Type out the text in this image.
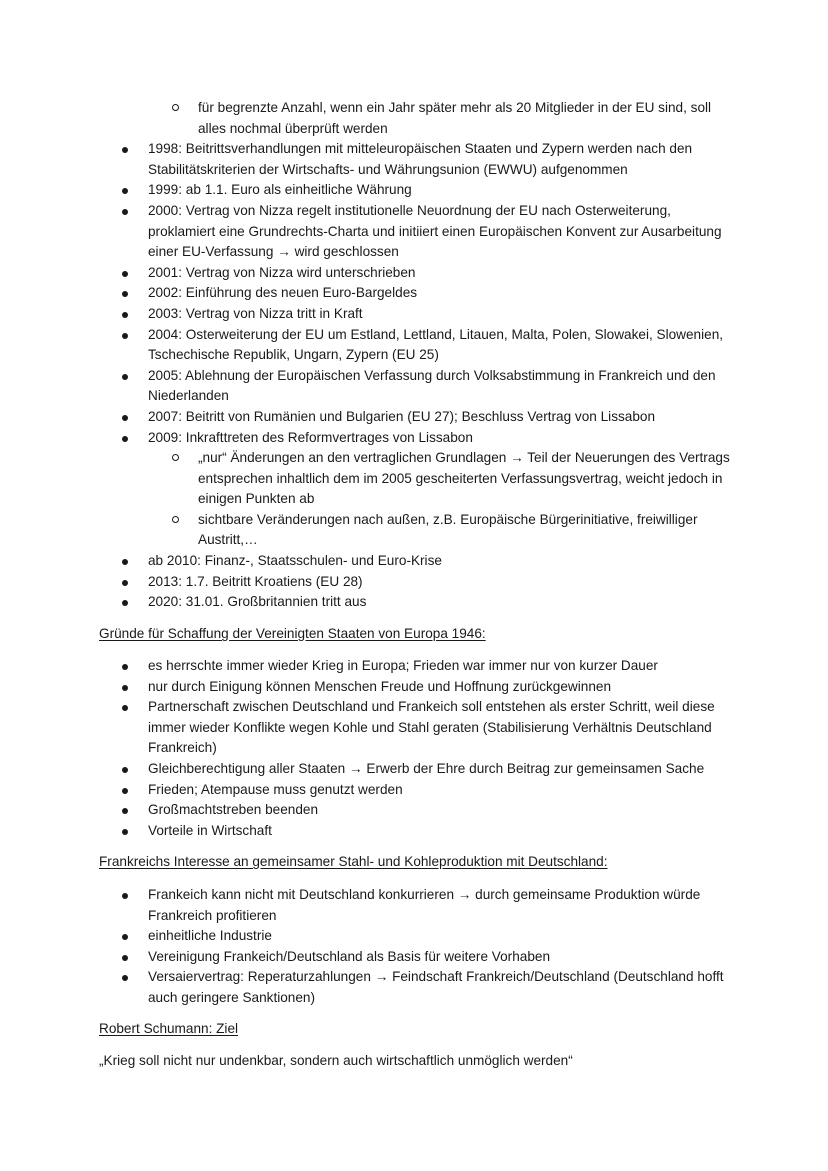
für begrenzte Anzahl, wenn ein Jahr später mehr als 20 Mitglieder in der EU sind, soll alles nochmal überprüft werden
1998: Beitrittsverhandlungen mit mitteleuropäischen Staaten und Zypern werden nach den Stabilitätskriterien der Wirtschafts- und Währungsunion (EWWU) aufgenommen
1999: ab 1.1. Euro als einheitliche Währung
2000: Vertrag von Nizza regelt institutionelle Neuordnung der EU nach Osterweiterung, proklamiert eine Grundrechts-Charta und initiiert einen Europäischen Konvent zur Ausarbeitung einer EU-Verfassung → wird geschlossen
2001: Vertrag von Nizza wird unterschrieben
2002: Einführung des neuen Euro-Bargeldes
2003: Vertrag von Nizza tritt in Kraft
2004: Osterweiterung der EU um Estland, Lettland, Litauen, Malta, Polen, Slowakei, Slowenien, Tschechische Republik, Ungarn, Zypern (EU 25)
2005: Ablehnung der Europäischen Verfassung durch Volksabstimmung in Frankreich und den Niederlanden
2007: Beitritt von Rumänien und Bulgarien (EU 27); Beschluss Vertrag von Lissabon
2009: Inkrafttreten des Reformvertrages von Lissabon
„nur“ Änderungen an den vertraglichen Grundlagen → Teil der Neuerungen des Vertrags entsprechen inhaltlich dem im 2005 gescheiterten Verfassungsvertrag, weicht jedoch in einigen Punkten ab
sichtbare Veränderungen nach außen, z.B. Europäische Bürgerinitiative, freiwilliger Austritt,…
ab 2010: Finanz-, Staatsschulen- und Euro-Krise
2013: 1.7. Beitritt Kroatiens (EU 28)
2020: 31.01. Großbritannien tritt aus
Gründe für Schaffung der Vereinigten Staaten von Europa 1946:
es herrschte immer wieder Krieg in Europa; Frieden war immer nur von kurzer Dauer
nur durch Einigung können Menschen Freude und Hoffnung zurückgewinnen
Partnerschaft zwischen Deutschland und Frankeich soll entstehen als erster Schritt, weil diese immer wieder Konflikte wegen Kohle und Stahl geraten (Stabilisierung Verhältnis Deutschland Frankreich)
Gleichberechtigung aller Staaten → Erwerb der Ehre durch Beitrag zur gemeinsamen Sache
Frieden; Atempause muss genutzt werden
Großmachtstreben beenden
Vorteile in Wirtschaft
Frankreichs Interesse an gemeinsamer Stahl- und Kohleproduktion mit Deutschland:
Frankeich kann nicht mit Deutschland konkurrieren → durch gemeinsame Produktion würde Frankreich profitieren
einheitliche Industrie
Vereinigung Frankeich/Deutschland als Basis für weitere Vorhaben
Versaiervertrag: Reperaturzahlungen → Feindschaft Frankreich/Deutschland (Deutschland hofft auch geringere Sanktionen)
Robert Schumann: Ziel
„Krieg soll nicht nur undenkbar, sondern auch wirtschaftlich unmöglich werden“
